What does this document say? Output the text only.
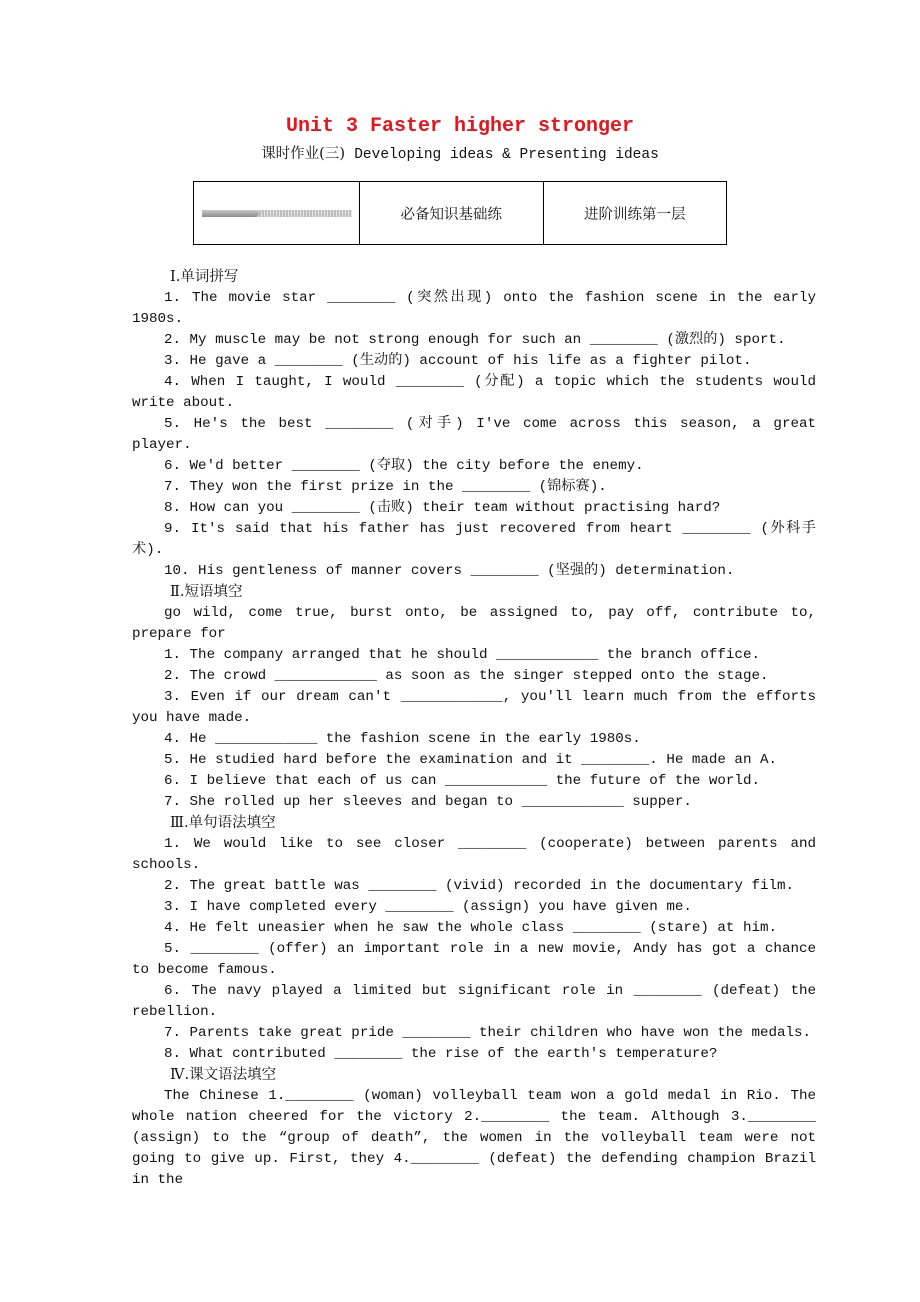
Unit 3 Faster higher stronger
课时作业(三) Developing ideas & Presenting ideas
	必备知识基础练	进阶训练第一层

Ⅰ.单词拼写

1. The movie star ________ (突然出现) onto the fashion scene in the early 1980s.

2. My muscle may be not strong enough for such an ________ (激烈的) sport.

3. He gave a ________ (生动的) account of his life as a fighter pilot.

4. When I taught, I would ________ (分配) a topic which the students would write about.

5. He's the best ________ (对手) I've come across this season, a great player.

6. We'd better ________ (夺取) the city before the enemy.

7. They won the first prize in the ________ (锦标赛).

8. How can you ________ (击败) their team without practising hard?

9. It's said that his father has just recovered from heart ________ (外科手术).

10. His gentleness of manner covers ________ (坚强的) determination.

Ⅱ.短语填空

go wild, come true, burst onto, be assigned to, pay off, contribute to, prepare for

1. The company arranged that he should ____________ the branch office.

2. The crowd ____________ as soon as the singer stepped onto the stage.

3. Even if our dream can't ____________, you'll learn much from the efforts you have made.

4. He ____________ the fashion scene in the early 1980s.

5. He studied hard before the examination and it ________. He made an A.

6. I believe that each of us can ____________ the future of the world.

7. She rolled up her sleeves and began to ____________ supper.

Ⅲ.单句语法填空

1. We would like to see closer ________ (cooperate) between parents and schools.

2. The great battle was ________ (vivid) recorded in the documentary film.

3. I have completed every ________ (assign) you have given me.

4. He felt uneasier when he saw the whole class ________ (stare) at him.

5. ________ (offer) an important role in a new movie, Andy has got a chance to become famous.

6. The navy played a limited but significant role in ________ (defeat) the rebellion.

7. Parents take great pride ________ their children who have won the medals.

8. What contributed ________ the rise of the earth's temperature?

Ⅳ.课文语法填空

The Chinese 1.________ (woman) volleyball team won a gold medal in Rio. The whole nation cheered for the victory 2.________ the team. Although 3.________ (assign) to the “group of death”, the women in the volleyball team were not going to give up. First, they 4.________ (defeat) the defending champion Brazil in the
